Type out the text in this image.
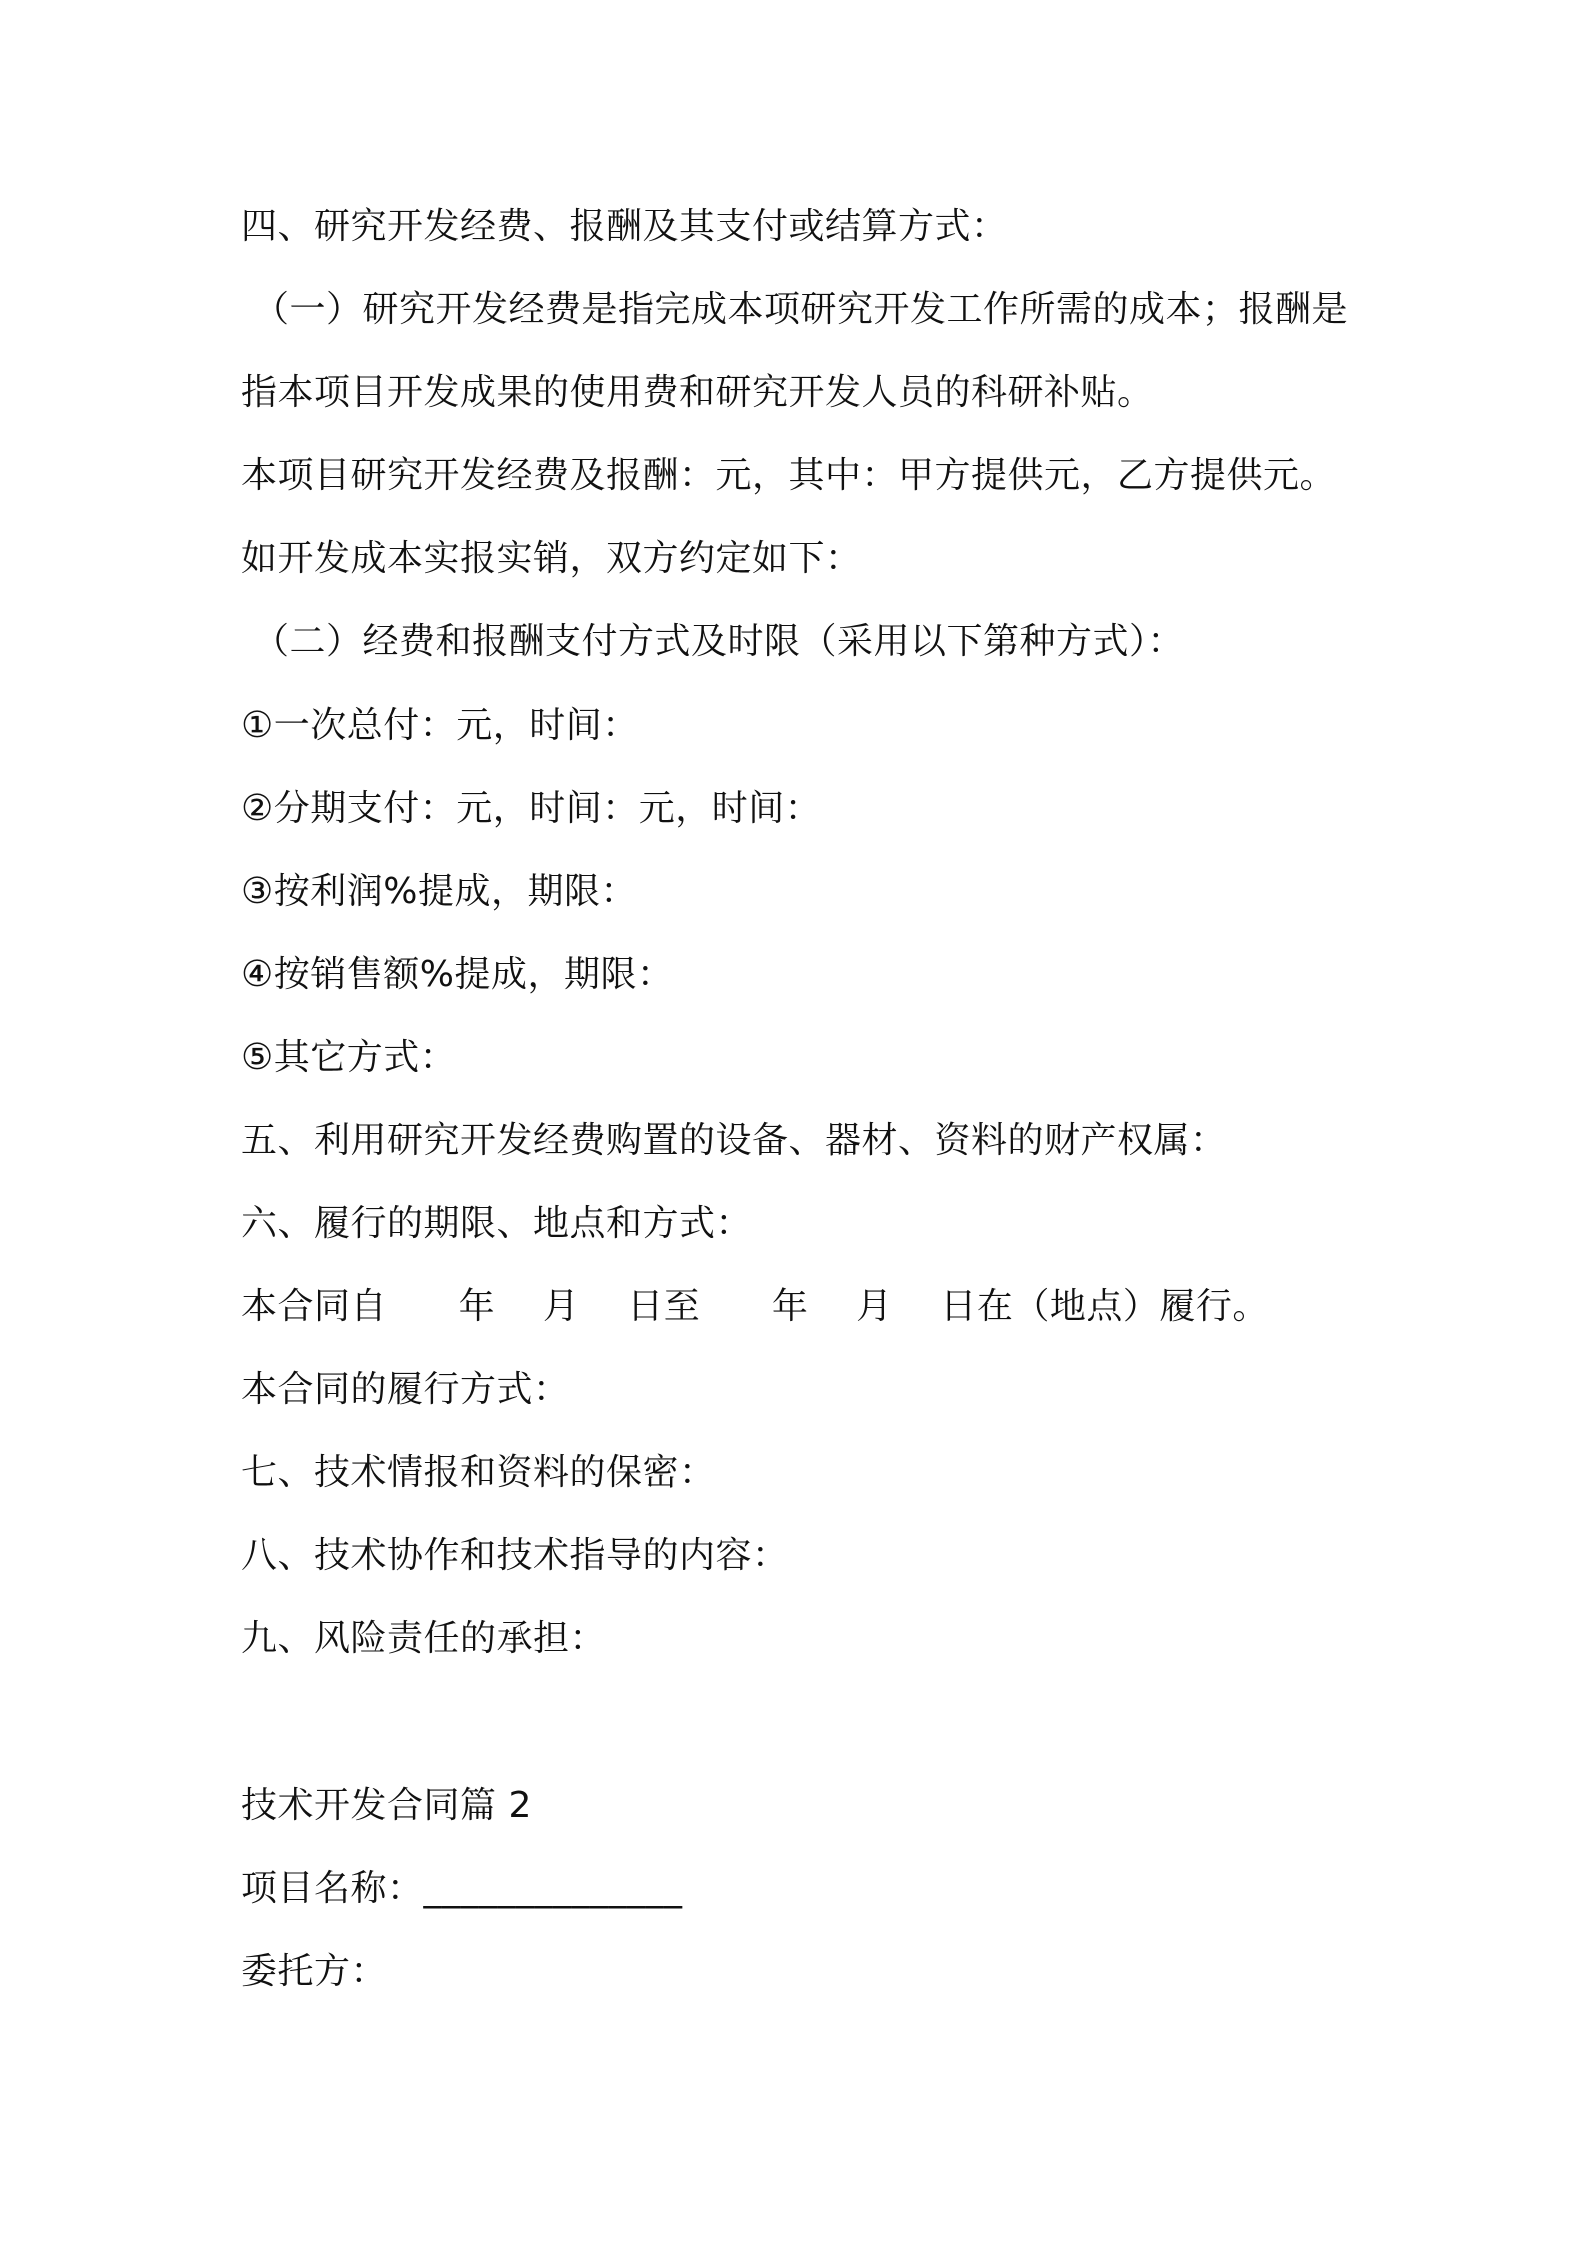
四、研究开发经费、报酬及其支付或结算方式：
（一）研究开发经费是指完成本项研究开发工作所需的成本；报酬是
指本项目开发成果的使用费和研究开发人员的科研补贴。
本项目研究开发经费及报酬：元，其中：甲方提供元，乙方提供元。
如开发成本实报实销，双方约定如下：
（二）经费和报酬支付方式及时限（采用以下第种方式）：
①一次总付：元，时间：
②分期支付：元，时间：元，时间：
③按利润%提成，期限：
④按销售额%提成，期限：
⑤其它方式：
五、利用研究开发经费购置的设备、器材、资料的财产权属：
六、履行的期限、地点和方式：
本合同自      年    月    日至      年    月    日在（地点）履行。
本合同的履行方式：
七、技术情报和资料的保密：
八、技术协作和技术指导的内容：
九、风险责任的承担：
技术开发合同篇 2
项目名称：______________
委托方：
